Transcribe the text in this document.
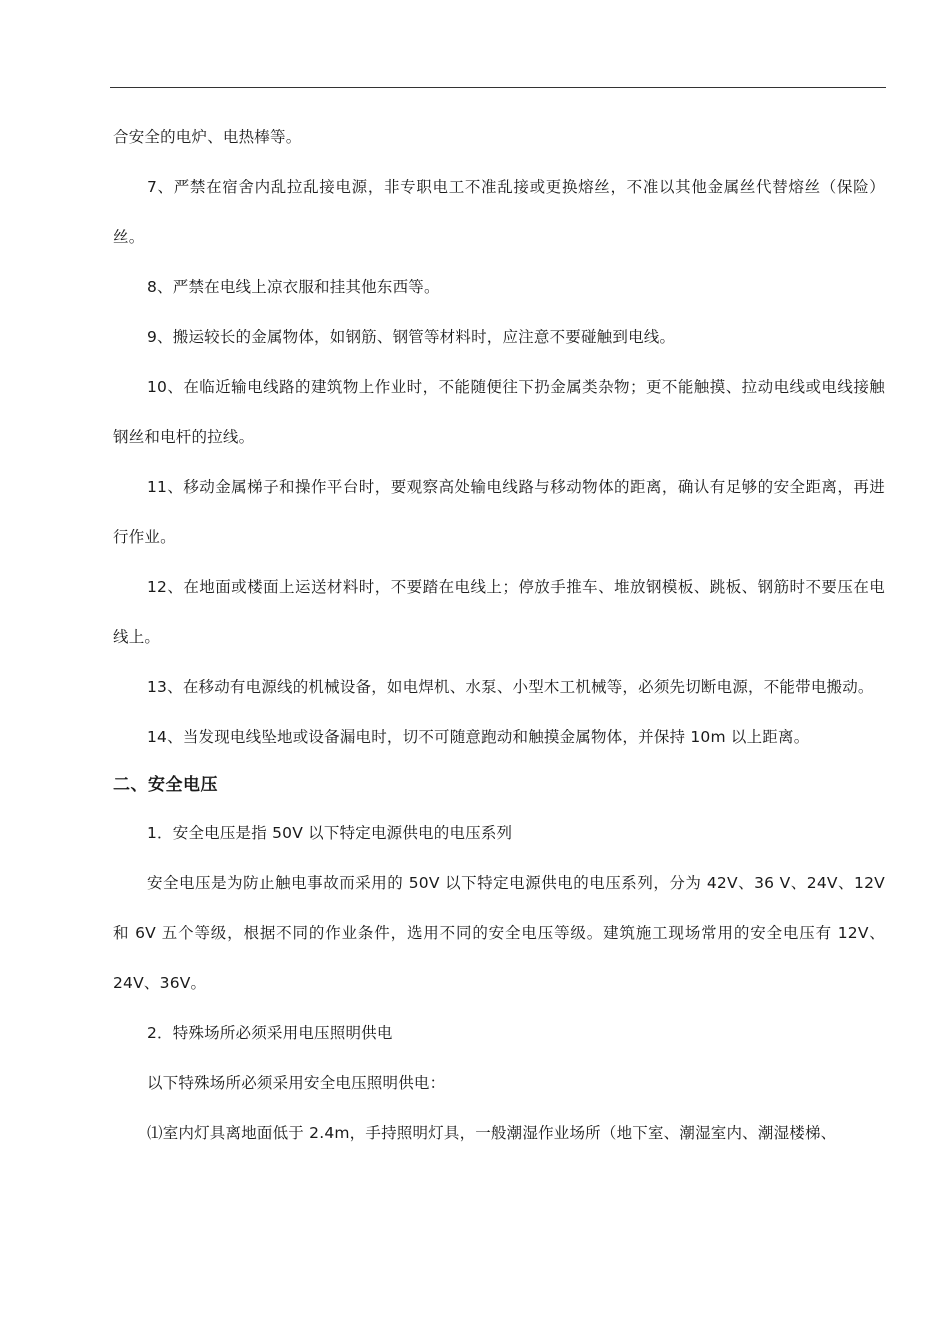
合安全的电炉、电热棒等。

7、严禁在宿舍内乱拉乱接电源，非专职电工不准乱接或更换熔丝，不准以其他金属丝代替熔丝（保险）丝。

8、严禁在电线上凉衣服和挂其他东西等。

9、搬运较长的金属物体，如钢筋、钢管等材料时，应注意不要碰触到电线。

10、在临近输电线路的建筑物上作业时，不能随便往下扔金属类杂物；更不能触摸、拉动电线或电线接触钢丝和电杆的拉线。

11、移动金属梯子和操作平台时，要观察高处输电线路与移动物体的距离，确认有足够的安全距离，再进行作业。

12、在地面或楼面上运送材料时，不要踏在电线上；停放手推车、堆放钢模板、跳板、钢筋时不要压在电线上。

13、在移动有电源线的机械设备，如电焊机、水泵、小型木工机械等，必须先切断电源，不能带电搬动。

14、当发现电线坠地或设备漏电时，切不可随意跑动和触摸金属物体，并保持 10m 以上距离。

二、安全电压

1．安全电压是指 50V 以下特定电源供电的电压系列

安全电压是为防止触电事故而采用的 50V 以下特定电源供电的电压系列，分为 42V、36 V、24V、12V 和 6V 五个等级，根据不同的作业条件，选用不同的安全电压等级。建筑施工现场常用的安全电压有 12V、24V、36V。

2．特殊场所必须采用电压照明供电

以下特殊场所必须采用安全电压照明供电：

⑴室内灯具离地面低于 2.4m，手持照明灯具，一般潮湿作业场所（地下室、潮湿室内、潮湿楼梯、
